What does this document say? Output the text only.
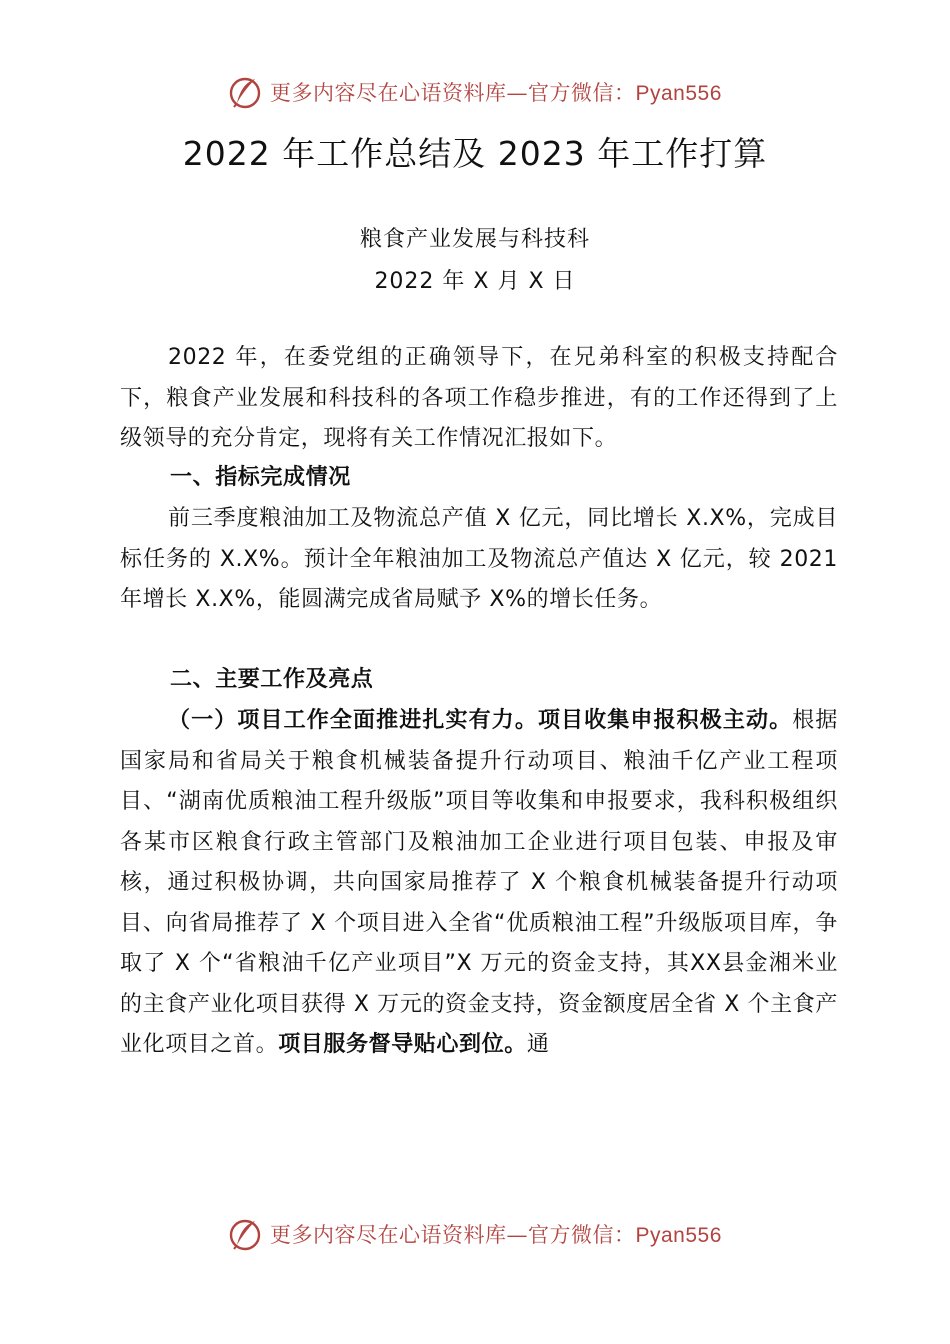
更多内容尽在心语资料库—官方微信：Pyan556
2022 年工作总结及 2023 年工作打算

粮食产业发展与科技科

2022 年 X 月 X 日

2022 年，在委党组的正确领导下，在兄弟科室的积极支持配合下，粮食产业发展和科技科的各项工作稳步推进，有的工作还得到了上级领导的充分肯定，现将有关工作情况汇报如下。

一、指标完成情况

前三季度粮油加工及物流总产值 X 亿元，同比增长 X.X%，完成目标任务的 X.X%。预计全年粮油加工及物流总产值达 X 亿元，较 2021 年增长 X.X%，能圆满完成省局赋予 X%的增长任务。

二、主要工作及亮点

（一）项目工作全面推进扎实有力。项目收集申报积极主动。根据国家局和省局关于粮食机械装备提升行动项目、粮油千亿产业工程项目、“湖南优质粮油工程升级版”项目等收集和申报要求，我科积极组织各某市区粮食行政主管部门及粮油加工企业进行项目包装、申报及审核，通过积极协调，共向国家局推荐了 X 个粮食机械装备提升行动项目、向省局推荐了 X 个项目进入全省“优质粮油工程”升级版项目库，争取了 X 个“省粮油千亿产业项目”X 万元的资金支持，其XX县金湘米业的主食产业化项目获得 X 万元的资金支持，资金额度居全省 X 个主食产业化项目之首。项目服务督导贴心到位。通

更多内容尽在心语资料库—官方微信：Pyan556
